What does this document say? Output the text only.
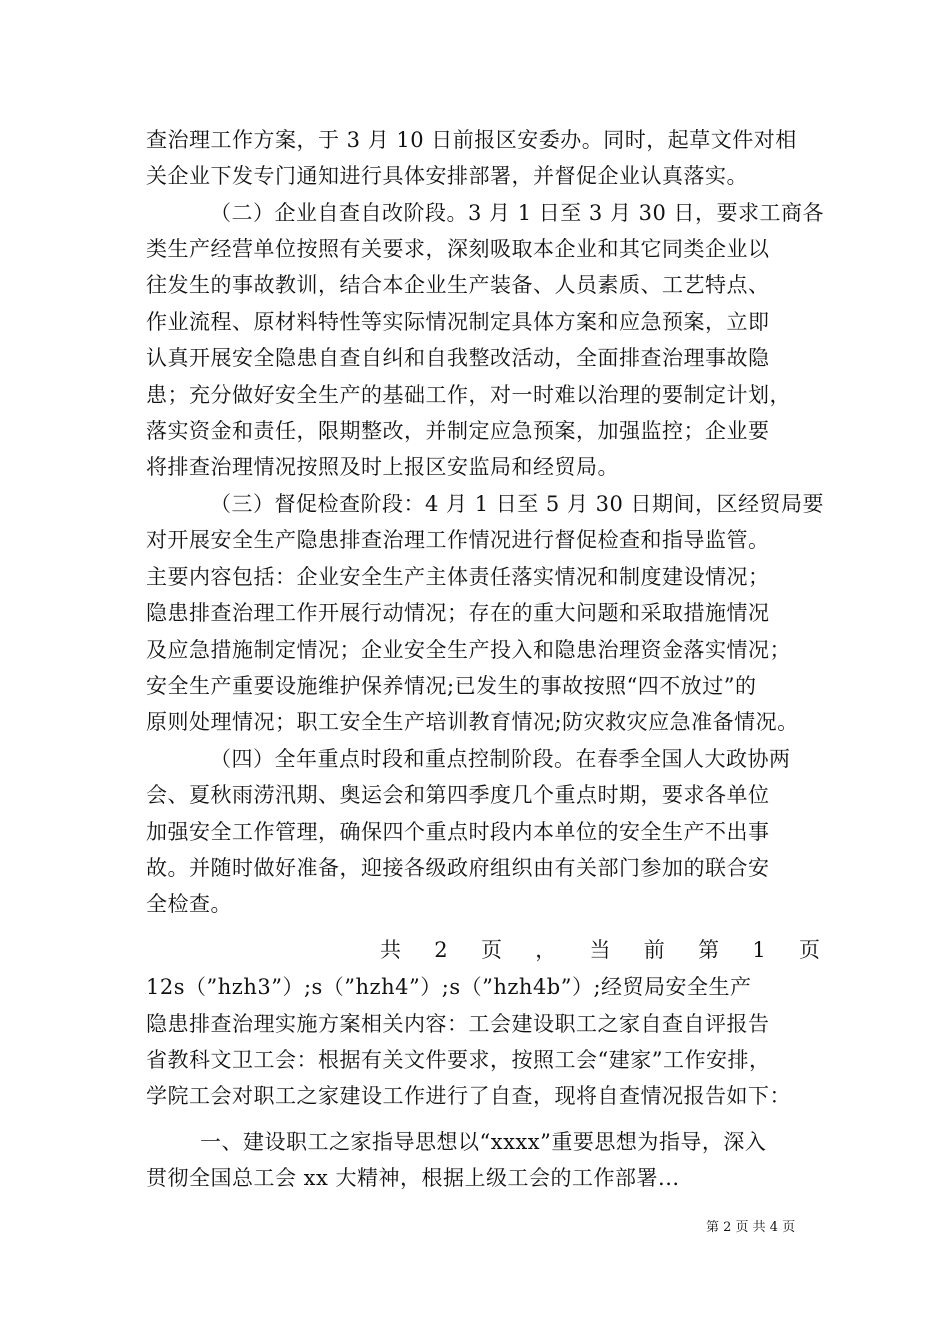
查治理工作方案，于 3 月 10 日前报区安委办。同时，起草文件对相
关企业下发专门通知进行具体安排部署，并督促企业认真落实。
（二）企业自查自改阶段。3 月 1 日至 3 月 30 日，要求工商各
类生产经营单位按照有关要求，深刻吸取本企业和其它同类企业以
往发生的事故教训，结合本企业生产装备、人员素质、工艺特点、
作业流程、原材料特性等实际情况制定具体方案和应急预案，立即
认真开展安全隐患自查自纠和自我整改活动，全面排查治理事故隐
患；充分做好安全生产的基础工作，对一时难以治理的要制定计划，
落实资金和责任，限期整改，并制定应急预案，加强监控；企业要
将排查治理情况按照及时上报区安监局和经贸局。
（三）督促检查阶段：4 月 1 日至 5 月 30 日期间，区经贸局要
对开展安全生产隐患排查治理工作情况进行督促检查和指导监管。
主要内容包括：企业安全生产主体责任落实情况和制度建设情况；
隐患排查治理工作开展行动情况；存在的重大问题和采取措施情况
及应急措施制定情况；企业安全生产投入和隐患治理资金落实情况；
安全生产重要设施维护保养情况;已发生的事故按照“四不放过”的
原则处理情况；职工安全生产培训教育情况;防灾救灾应急准备情况。
（四）全年重点时段和重点控制阶段。在春季全国人大政协两
会、夏秋雨涝汛期、奥运会和第四季度几个重点时期，要求各单位
加强安全工作管理，确保四个重点时段内本单位的安全生产不出事
故。并随时做好准备，迎接各级政府组织由有关部门参加的联合安
全检查。
共 2 页 ， 当 前 第 1 页
12s（”hzh3”）;s（”hzh4”）;s（”hzh4b”）;经贸局安全生产
隐患排查治理实施方案相关内容：工会建设职工之家自查自评报告
省教科文卫工会：根据有关文件要求，按照工会“建家”工作安排，
学院工会对职工之家建设工作进行了自查，现将自查情况报告如下：
一、建设职工之家指导思想以“xxxx”重要思想为指导，深入
贯彻全国总工会 xx 大精神，根据上级工会的工作部署...
第 2 页 共 4 页
